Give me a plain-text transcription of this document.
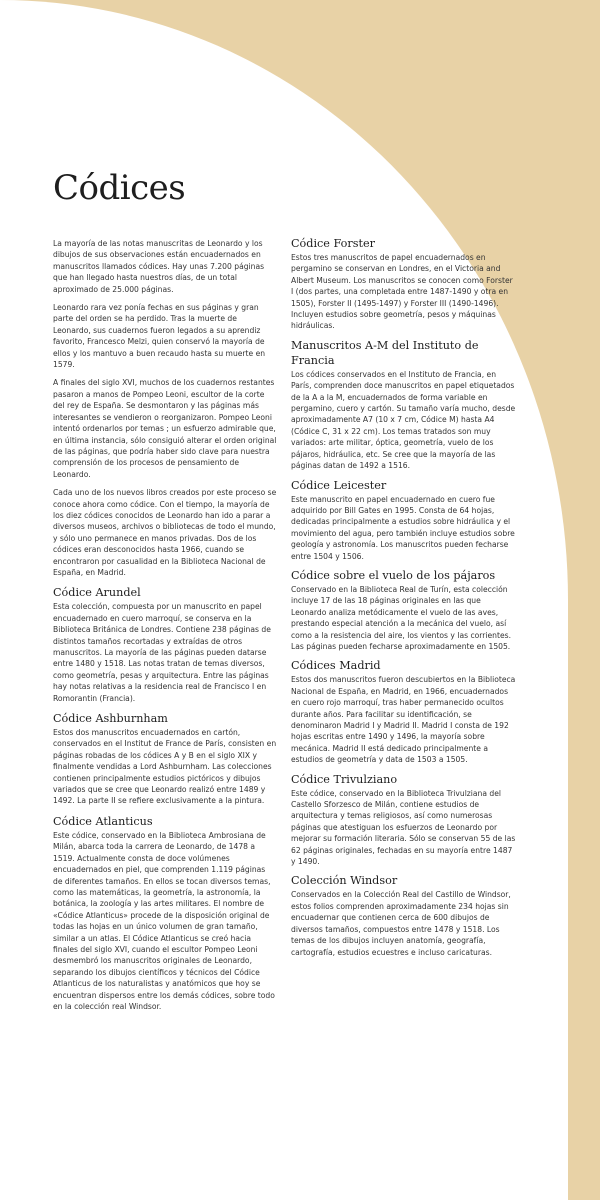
Códices

La mayoría de las notas manuscritas de Leonardo y los dibujos de sus observaciones están encuadernados en manuscritos llamados códices. Hay unas 7.200 páginas que han llegado hasta nuestros días, de un total aproximado de 25.000 páginas.

Leonardo rara vez ponía fechas en sus páginas y gran parte del orden se ha perdido. Tras la muerte de Leonardo, sus cuadernos fueron legados a su aprendiz favorito, Francesco Melzi, quien conservó la mayoría de ellos y los mantuvo a buen recaudo hasta su muerte en 1579.

A finales del siglo XVI, muchos de los cuadernos restantes pasaron a manos de Pompeo Leoni, escultor de la corte del rey de España. Se desmontaron y las páginas más interesantes se vendieron o reorganizaron. Pompeo Leoni intentó ordenarlos por temas ; un esfuerzo admirable que, en última instancia, sólo consiguió alterar el orden original de las páginas, que podría haber sido clave para nuestra comprensión de los procesos de pensamiento de Leonardo.

Cada uno de los nuevos libros creados por este proceso se conoce ahora como códice. Con el tiempo, la mayoría de los diez códices conocidos de Leonardo han ido a parar a diversos museos, archivos o bibliotecas de todo el mundo, y sólo uno permanece en manos privadas. Dos de los códices eran desconocidos hasta 1966, cuando se encontraron por casualidad en la Biblioteca Nacional de España, en Madrid.

Códice Arundel

Esta colección, compuesta por un manuscrito en papel encuadernado en cuero marroquí, se conserva en la Biblioteca Británica de Londres. Contiene 238 páginas de distintos tamaños recortadas y extraídas de otros manuscritos. La mayoría de las páginas pueden datarse entre 1480 y 1518. Las notas tratan de temas diversos, como geometría, pesas y arquitectura. Entre las páginas hay notas relativas a la residencia real de Francisco I en Romorantin (Francia).

Códice Ashburnham

Estos dos manuscritos encuadernados en cartón, conservados en el Institut de France de París, consisten en páginas robadas de los códices A y B en el siglo XIX y finalmente vendidas a Lord Ashburnham. Las colecciones contienen principalmente estudios pictóricos y dibujos variados que se cree que Leonardo realizó entre 1489 y 1492. La parte II se refiere exclusivamente a la pintura.

Códice Atlanticus

Este códice, conservado en la Biblioteca Ambrosiana de Milán, abarca toda la carrera de Leonardo, de 1478 a 1519. Actualmente consta de doce volúmenes encuadernados en piel, que comprenden 1.119 páginas de diferentes tamaños. En ellos se tocan diversos temas, como las matemáticas, la geometría, la astronomía, la botánica, la zoología y las artes militares. El nombre de «Códice Atlanticus» procede de la disposición original de todas las hojas en un único volumen de gran tamaño, similar a un atlas. El Códice Atlanticus se creó hacia finales del siglo XVI, cuando el escultor Pompeo Leoni desmembró los manuscritos originales de Leonardo, separando los dibujos científicos y técnicos del Códice Atlanticus de los naturalistas y anatómicos que hoy se encuentran dispersos entre los demás códices, sobre todo en la colección real Windsor.

Códice Forster

Estos tres manuscritos de papel encuadernados en pergamino se conservan en Londres, en el Victoria and Albert Museum. Los manuscritos se conocen como Forster I (dos partes, una completada entre 1487-1490 y otra en 1505), Forster II (1495-1497) y Forster III (1490-1496). Incluyen estudios sobre geometría, pesos y máquinas hidráulicas.

Manuscritos A-M del Instituto de Francia

Los códices conservados en el Instituto de Francia, en París, comprenden doce manuscritos en papel etiquetados de la A a la M, encuadernados de forma variable en pergamino, cuero y cartón. Su tamaño varía mucho, desde aproximadamente A7 (10 x 7 cm, Códice M) hasta A4 (Códice C, 31 x 22 cm). Los temas tratados son muy variados: arte militar, óptica, geometría, vuelo de los pájaros, hidráulica, etc. Se cree que la mayoría de las páginas datan de 1492 a 1516.

Códice Leicester

Este manuscrito en papel encuadernado en cuero fue adquirido por Bill Gates en 1995. Consta de 64 hojas, dedicadas principalmente a estudios sobre hidráulica y el movimiento del agua, pero también incluye estudios sobre geología y astronomía. Los manuscritos pueden fecharse entre 1504 y 1506.

Códice sobre el vuelo de los pájaros

Conservado en la Biblioteca Real de Turín, esta colección incluye 17 de las 18 páginas originales en las que Leonardo analiza metódicamente el vuelo de las aves, prestando especial atención a la mecánica del vuelo, así como a la resistencia del aire, los vientos y las corrientes. Las páginas pueden fecharse aproximadamente en 1505.

Códices Madrid

Estos dos manuscritos fueron descubiertos en la Biblioteca Nacional de España, en Madrid, en 1966, encuadernados en cuero rojo marroquí, tras haber permanecido ocultos durante años. Para facilitar su identificación, se denominaron Madrid I y Madrid II. Madrid I consta de 192 hojas escritas entre 1490 y 1496, la mayoría sobre mecánica. Madrid II está dedicado principalmente a estudios de geometría y data de 1503 a 1505.

Códice Trivulziano

Este códice, conservado en la Biblioteca Trivulziana del Castello Sforzesco de Milán, contiene estudios de arquitectura y temas religiosos, así como numerosas páginas que atestiguan los esfuerzos de Leonardo por mejorar su formación literaria. Sólo se conservan 55 de las 62 páginas originales, fechadas en su mayoría entre 1487 y 1490.

Colección Windsor

Conservados en la Colección Real del Castillo de Windsor, estos folios comprenden aproximadamente 234 hojas sin encuadernar que contienen cerca de 600 dibujos de diversos tamaños, compuestos entre 1478 y 1518. Los temas de los dibujos incluyen anatomía, geografía, cartografía, estudios ecuestres e incluso caricaturas.
